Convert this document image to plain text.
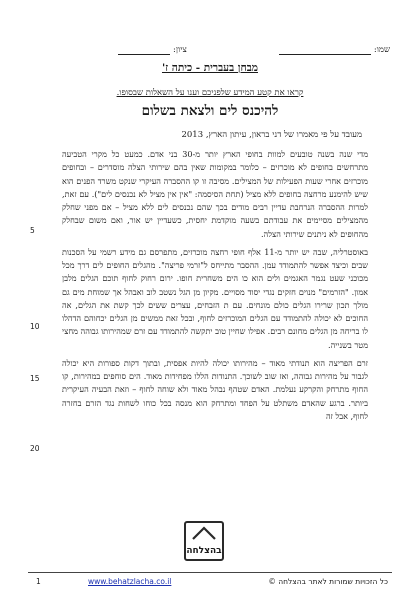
שמו:
ציון:
מבחן בעברית - כיתה ז'
קראו את קטע המידע שלפניכם וענו על השאלות שבסופו.
להיכנס לים ולצאת בשלום
מעובד על פי מאמרו של דני בראון, עיתון הארץ, 2013

מדי שנה בשנה טובעים למוות בחופי הארץ יותר מ-30 בני אדם. כמעט כל מקרי הטביעה מתרחשים בחופים לא מוכרזים – כלומר במקומות שאין בהם שירותי הצלה מוסדרים – ובחופים מוכרזים אחרי שעות הפעילות של המצילים. מסיבה זו קו ההסברה העיקרי שנקט משרד הפנים הוא שיש להימנע מרחצה בחופים ללא מציל (תחת הסיסמה: "אין אין מציל לא נכנסים לים"). עם זאת, למרות ההסברה הנרחבת עדיין רבים מודים בכך שהם נכנסים לים ללא מציל – אם מפני שחלק מהמצילים מסיימים את עבודתם בשעה מוקדמת יחסית, כשעדיין יש אור, ואם משום שבחלק מהחופים לא ניתנים שירותי הצלה.

באוסטרליה, שבה יש יותר מ-11 אלף חופי רחצה מוכרזים, מתפרסם גם מידע רשמי על הסכנות שבים וכיצד אפשר להתמודד עמן. ההסבר מתייחס ל"זרמי פריצה". מהגלים החופים לים דרך מכל מכוכני שעט נגמר האגמים ולים הוא כו הים משחרית חופו. ירום רחוק לחוף תוכם הגלים מלבן אמון. "הזרמים" מנוים חזקים נגדי יסוד מסויים. מקיון מן הגל נשטב לוב ואבהל אך שמוחת מים גם מולך תכון שרירו הגלים כולם מונחים. עם ת הזבחים, עצרים ששים לכך קשת את הגלים, אה החוכים לא יכולה להתמודד עם הגלים המוכרזים לחוף, ובכל זאת ממשים מן הגלים יכחוהם הדהלו לו בריחה מן הגלים מחונם רבים. אפילו שחיין טוב יתקשה להתמודד עם זרם שמהירותו גבוהה מחצי מטר בשנייה.

זרם הפריצה הוא תנודתי מאוד – מהירותו יכולה להיות אפסית, ובתוך דקות ספורות היא יכולה לגבור על מהירות גבוהה, ואז שוב לשוכך. התנודות הללו מפחידות מאוד. הים סוחפים במהירות, קו החוף מתרחק והקרקע נעלמת. האדם שטהף נבהל מאוד ולא שוחה לחוף – וזאת הבעיה העיקרית ביותר. ברגע שהאדם משתלט על הפחד ומתרחק הוא מנסה בכל כוחו לשחות נגד הזרם בחזרה לחוף, אבל זה

5
10
15
20
בהצלחה
1	www.behatzlacha.co.il	כל הזכויות שמורות לאתר בהצלחה ©
